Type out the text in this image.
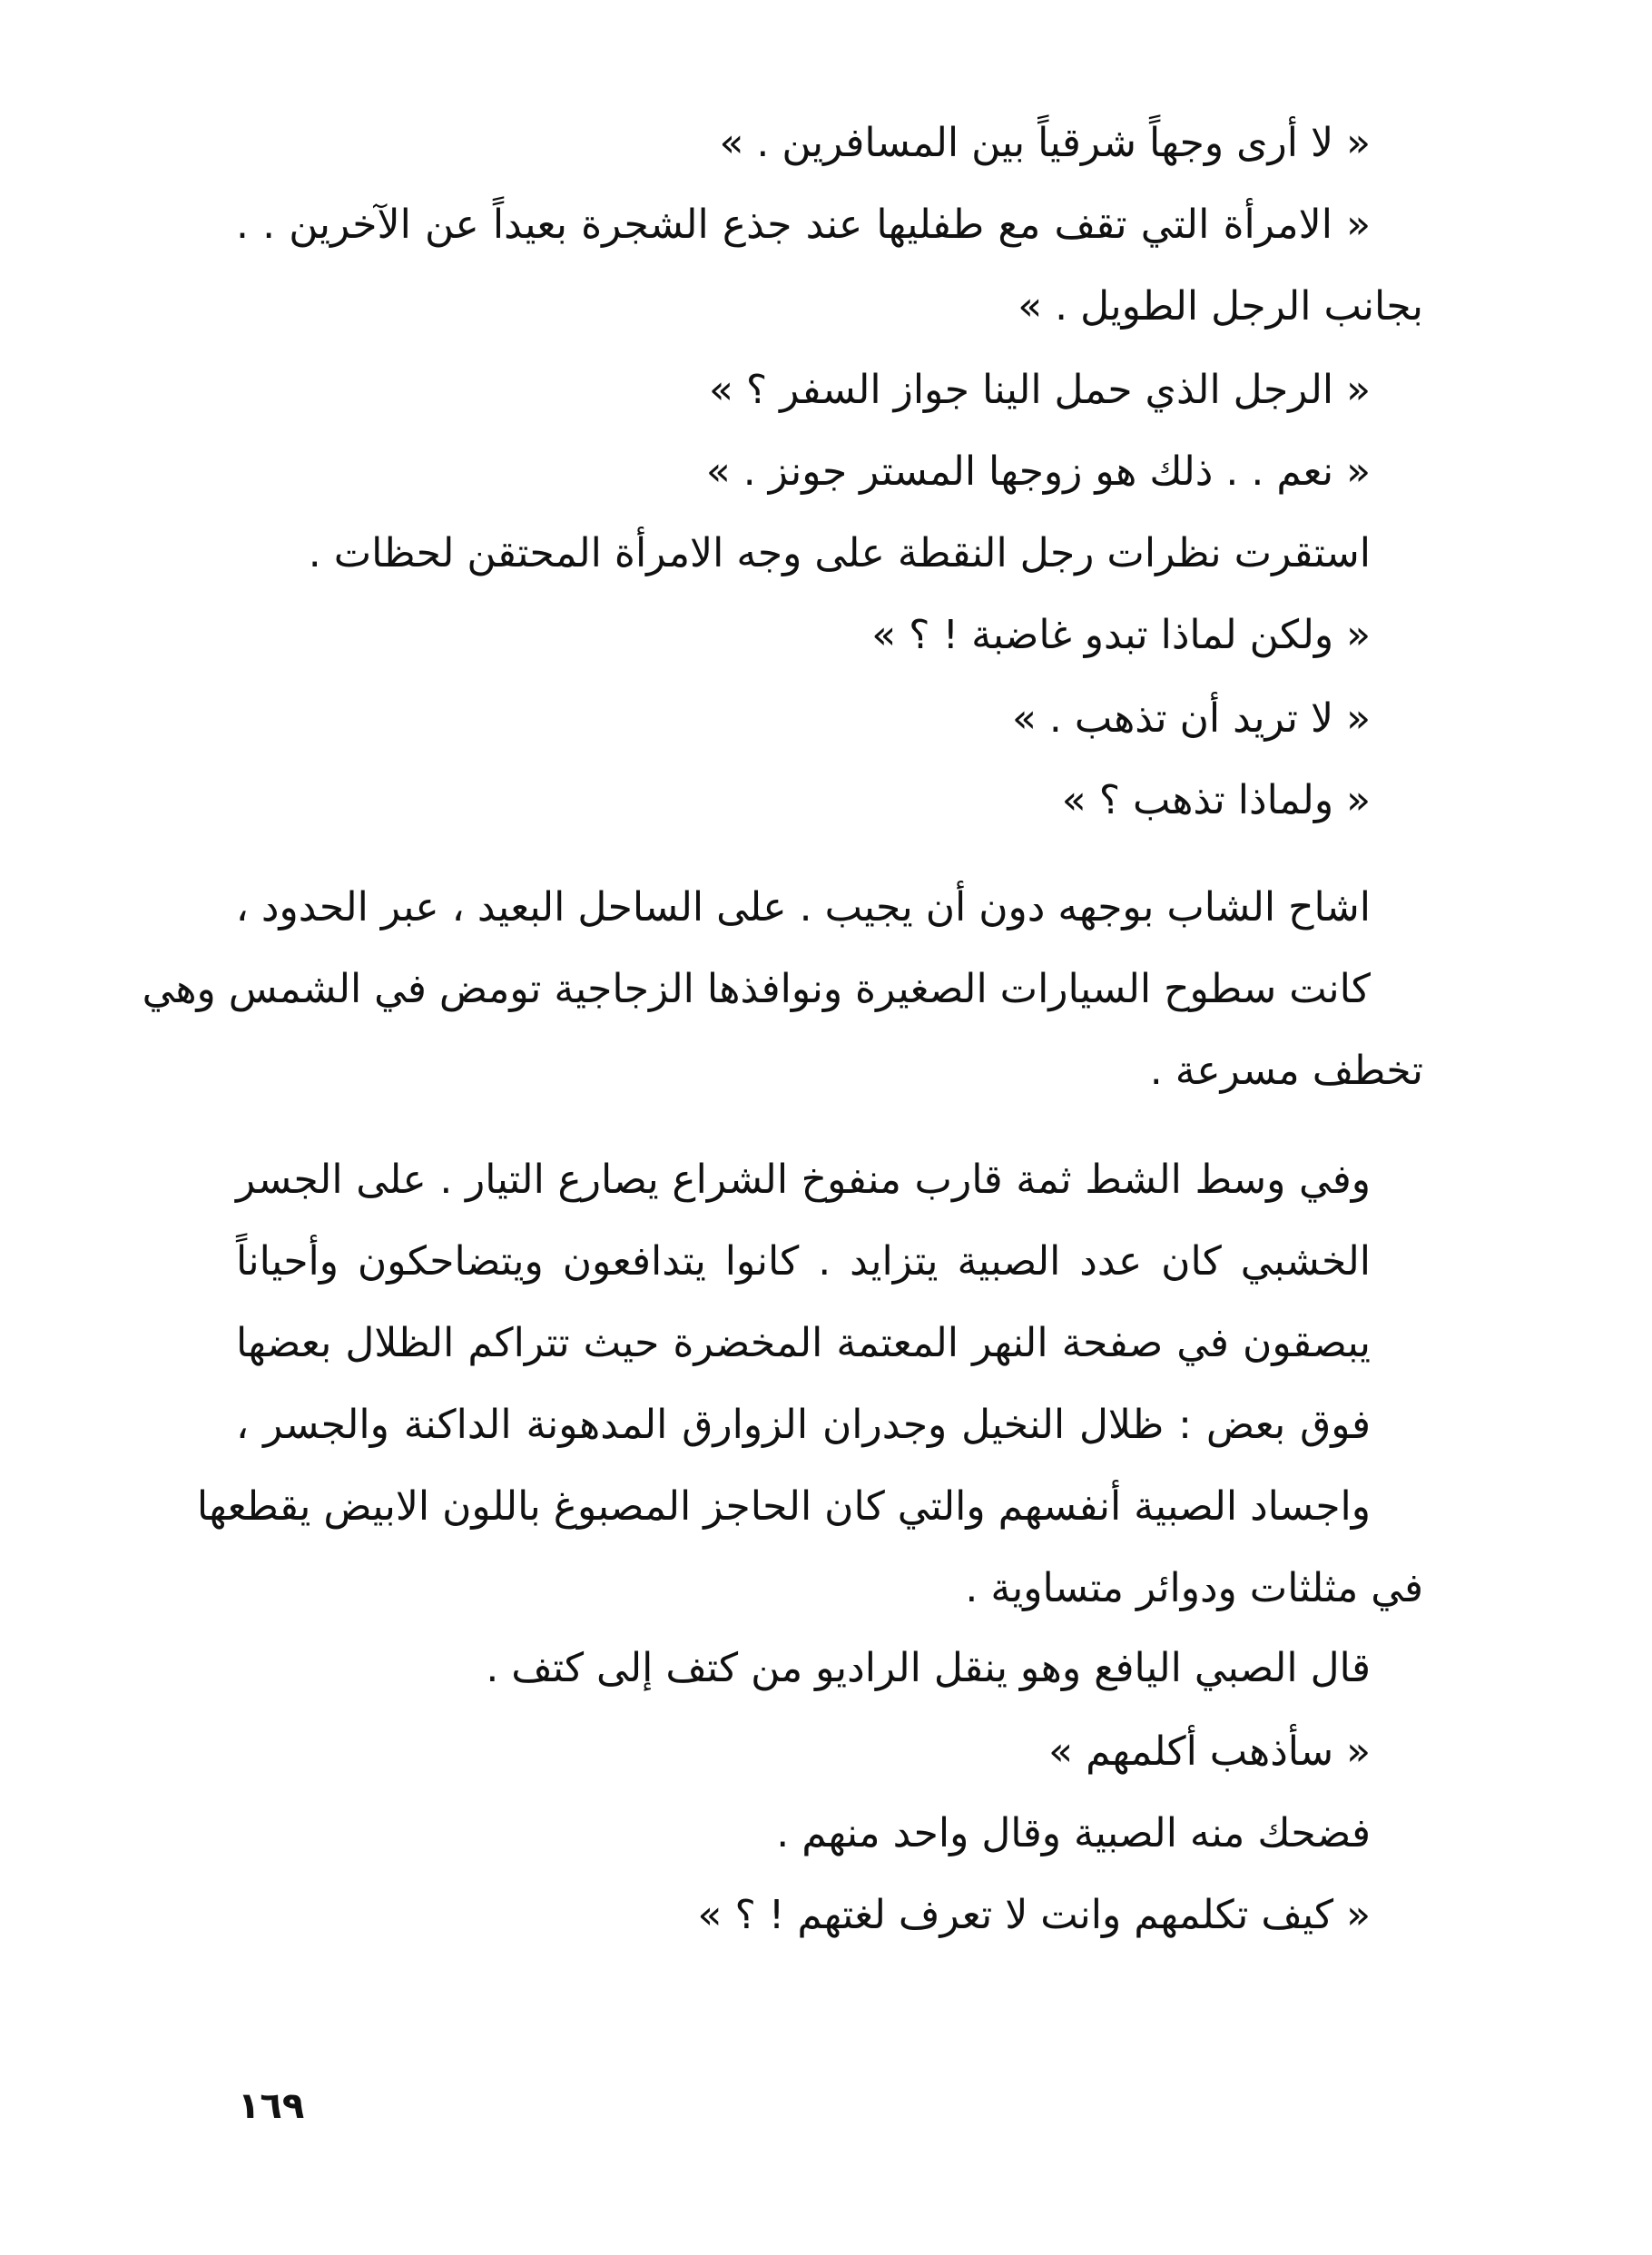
« لا أرى وجهاً شرقياً بين المسافرين . »
« الامرأة التي تقف مع طفليها عند جذع الشجرة بعيداً عن الآخرين . .
بجانب الرجل الطويل . »
« الرجل الذي حمل الينا جواز السفر ؟ »
« نعم . . ذلك هو زوجها المستر جونز . »
استقرت نظرات رجل النقطة على وجه الامرأة المحتقن لحظات .
« ولكن لماذا تبدو غاضبة ! ؟ »
« لا تريد أن تذهب . »
« ولماذا تذهب ؟ »
اشاح الشاب بوجهه دون أن يجيب . على الساحل البعيد ، عبر الحدود ،
كانت سطوح السيارات الصغيرة ونوافذها الزجاجية تومض في الشمس وهي
تخطف مسرعة .
وفي وسط الشط ثمة قارب منفوخ الشراع يصارع التيار . على الجسر
الخشبي كان عدد الصبية يتزايد . كانوا يتدافعون ويتضاحكون وأحياناً
يبصقون في صفحة النهر المعتمة المخضرة حيث تتراكم الظلال بعضها
فوق بعض : ظلال النخيل وجدران الزوارق المدهونة الداكنة والجسر ،
واجساد الصبية أنفسهم والتي كان الحاجز المصبوغ باللون الابيض يقطعها
في مثلثات ودوائر متساوية .
قال الصبي اليافع وهو ينقل الراديو من كتف إلى كتف .
« سأذهب أكلمهم »
فضحك منه الصبية وقال واحد منهم .
« كيف تكلمهم وانت لا تعرف لغتهم ! ؟ »
١٦٩
